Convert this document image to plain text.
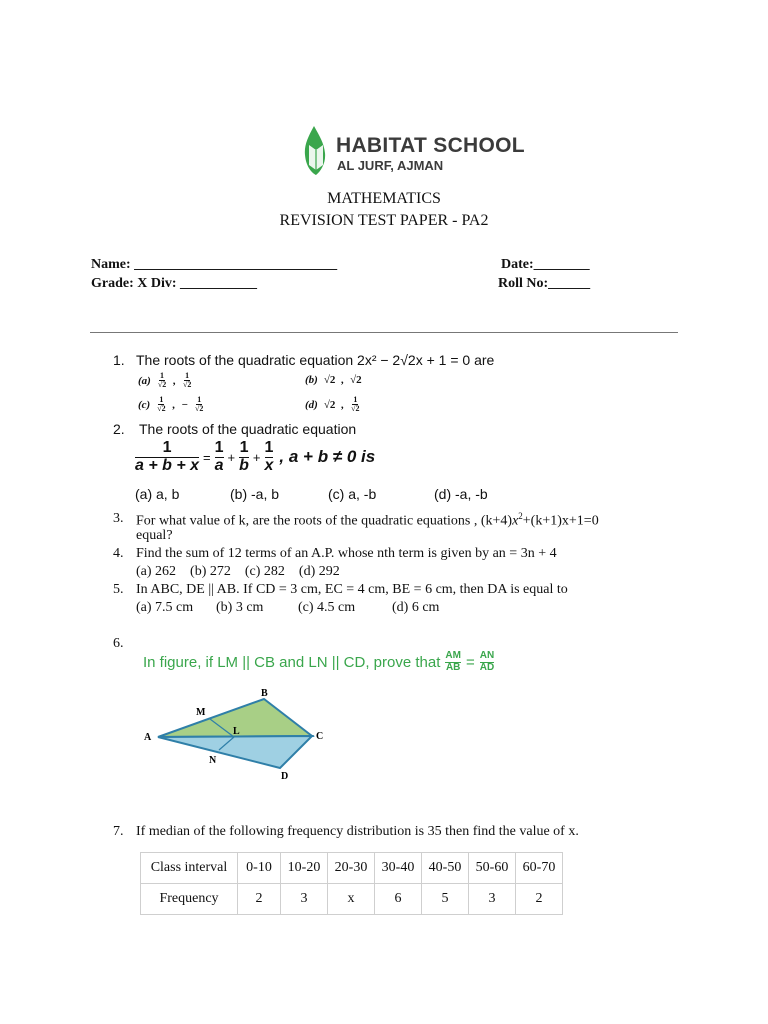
HABITAT SCHOOL
AL JURF, AJMAN
MATHEMATICS
REVISION TEST PAPER - PA2
Name: _____________________________	Date:________
Grade: X Div: ___________	Roll No:______
1. The roots of the quadratic equation 2x² − 2√2x + 1 = 0 are
$(a) \frac{1}{√2}$ , $\frac{1}{√2}$	(b) √2 , √2
$(c) \frac{1}{√2}$ , − $\frac{1}{√2}$	(d) √2 , $\frac{1}{√2}$
2. The roots of the quadratic equation
$\frac{1}{a + b + x} = \frac{1}{a} + \frac{1}{b} + \frac{1}{x}$ , a + b ≠ 0 is
(a) a, b	(b) -a, b	(c) a, -b	(d) -a, -b
3. For what value of k, are the roots of the quadratic equations , $(k+4)x^2+(k+1)x+1=0$
equal?
4. Find the sum of 12 terms of an A.P. whose nth term is given by an = 3n + 4
(a) 262    (b) 272    (c) 282    (d) 292
5. In ABC, DE || AB. If CD = 3 cm, EC = 4 cm, BE = 6 cm, then DA is equal to
(a) 7.5 cm (b) 3 cm (c) 4.5 cm	(d) 6 cm
6.
In figure, if LM || CB and LN || CD, prove that $\frac{AM}{AB} = \frac{AN}{AD}$
A
B
C
D
L
M
N
7. If median of the following frequency distribution is 35 then find the value of x.
Class interval	0-10	10-20	20-30	30-40	40-50	50-60	60-70
Frequency	2	3	x	6	5	3	2
